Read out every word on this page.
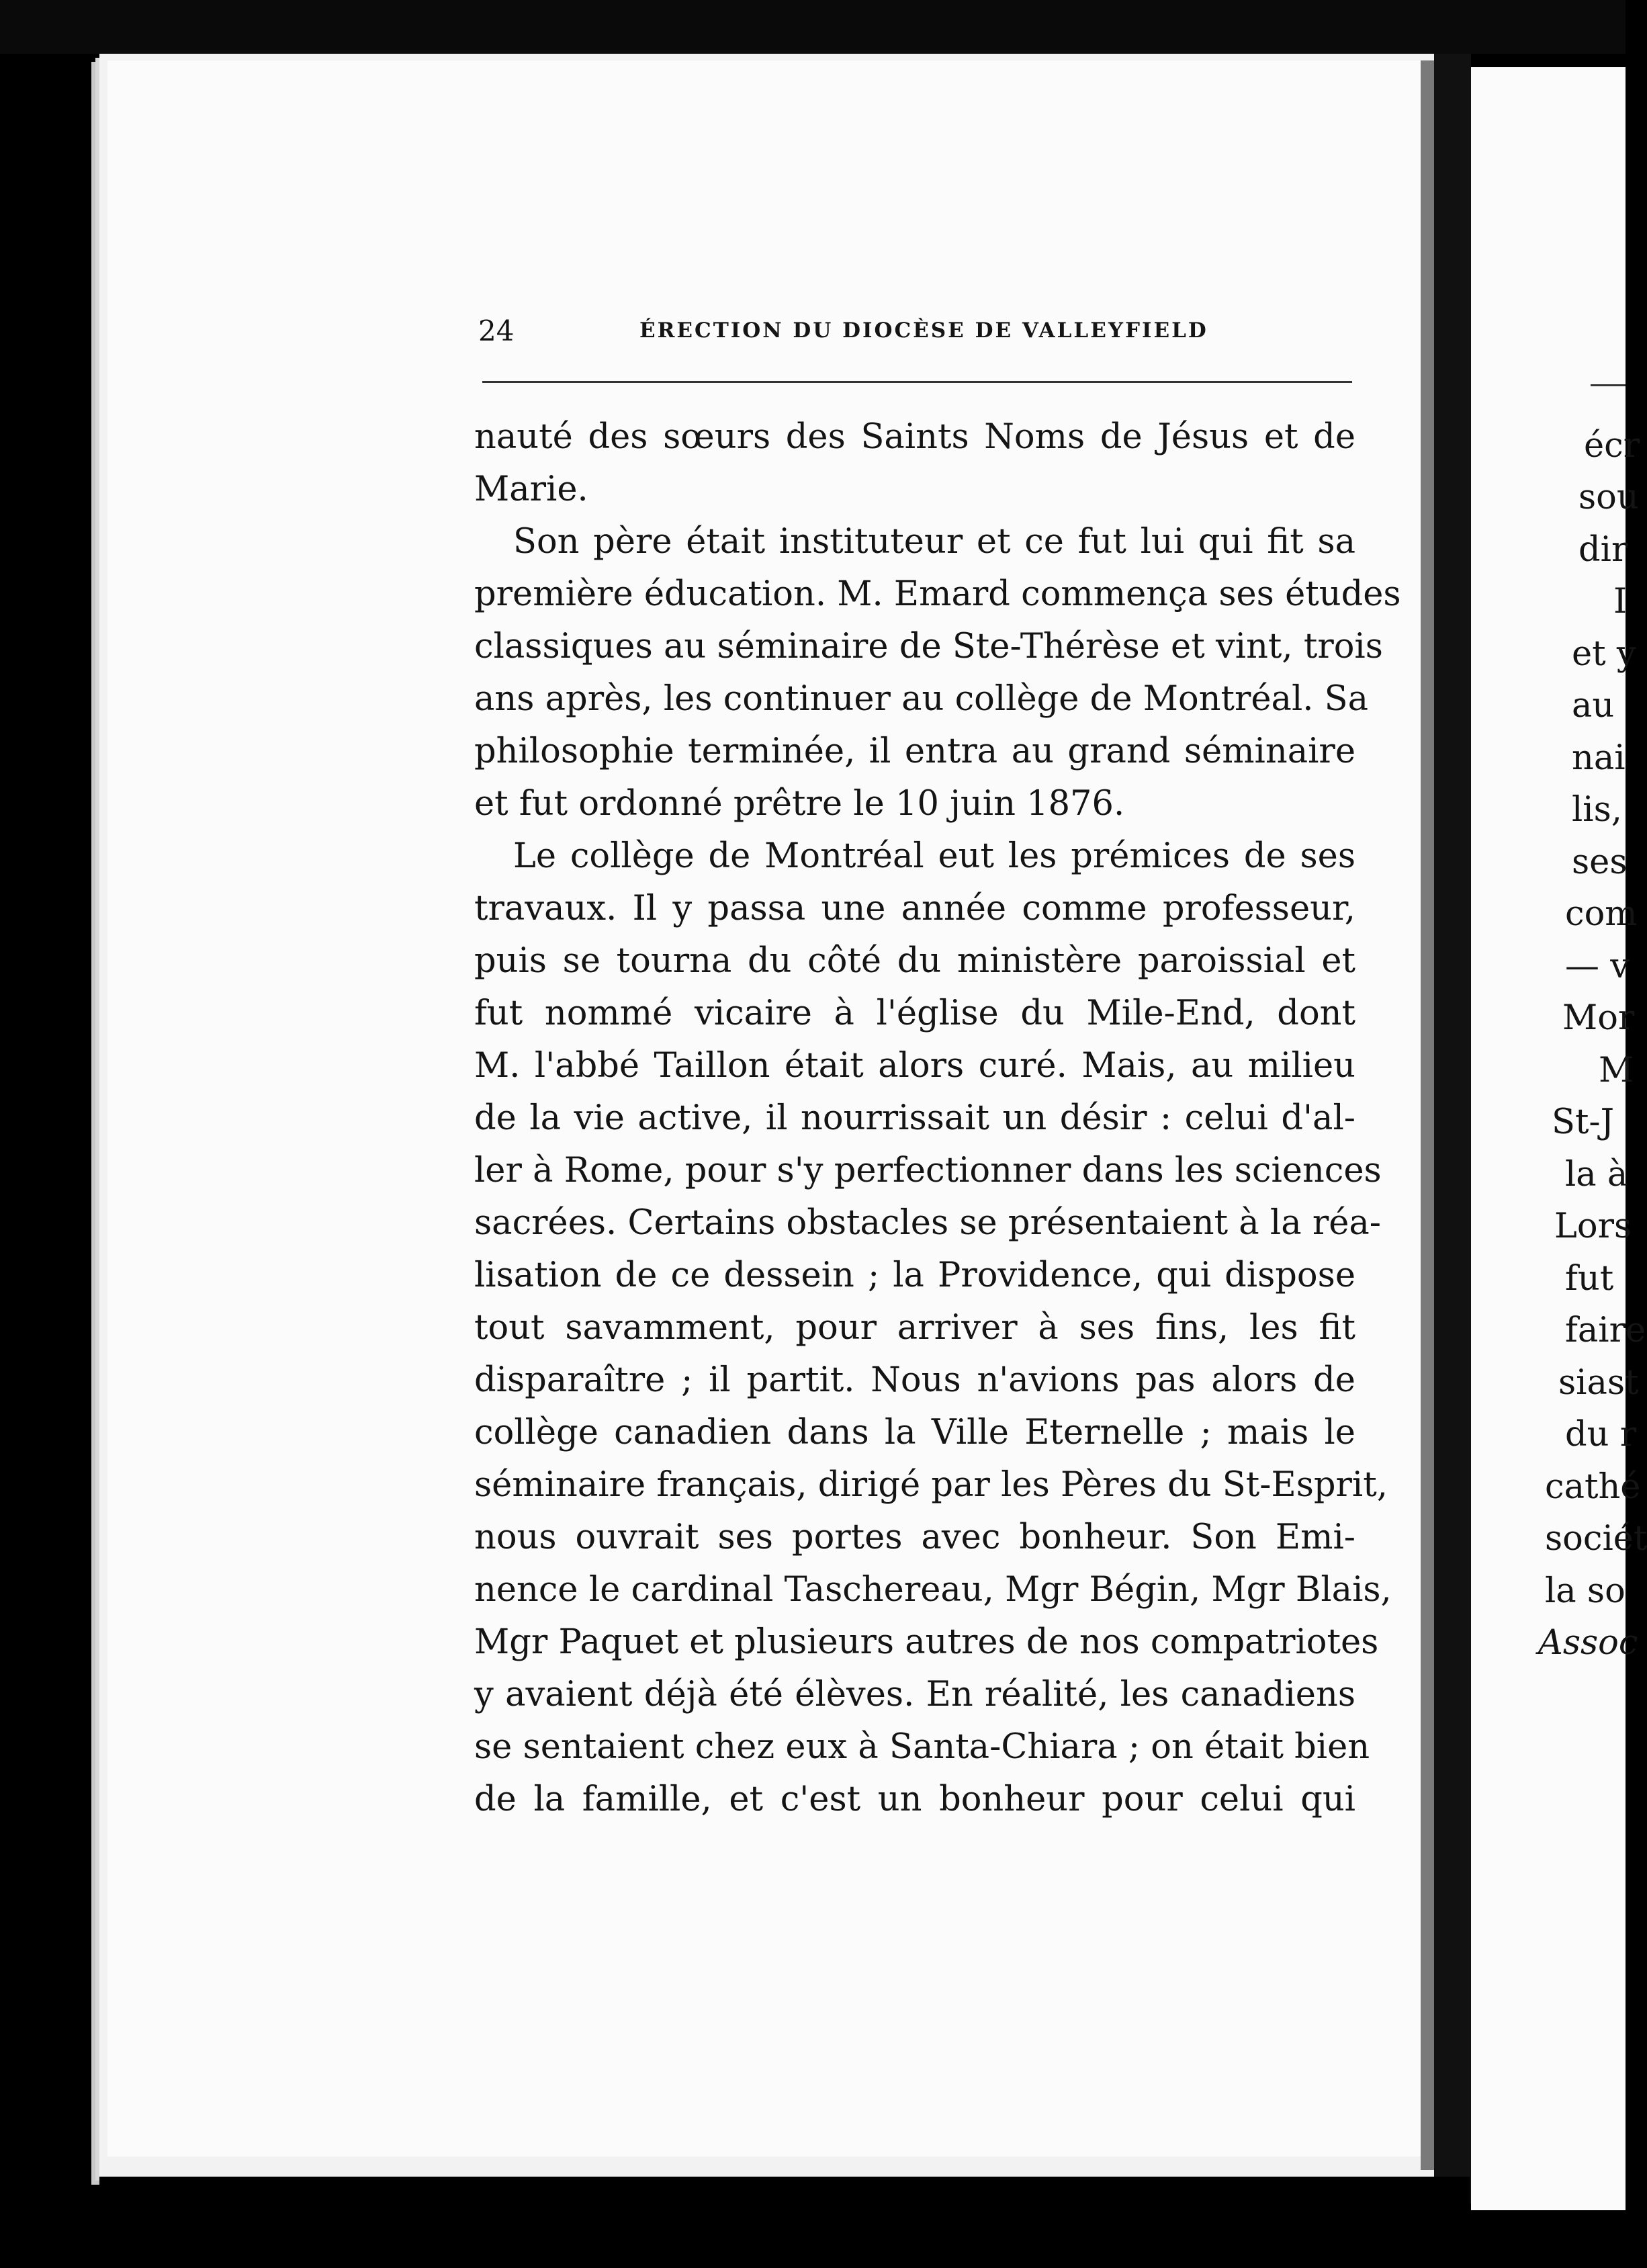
24	ÉRECTION DU DIOCÈSE DE VALLEYFIELD
nauté des sœurs des Saints Noms de Jésus et de
Marie.
Son père était instituteur et ce fut lui qui fit sa
première éducation. M. Emard commença ses études
classiques au séminaire de Ste-Thérèse et vint, trois
ans après, les continuer au collège de Montréal. Sa
philosophie terminée, il entra au grand séminaire
et fut ordonné prêtre le 10 juin 1876.
Le collège de Montréal eut les prémices de ses
travaux. Il y passa une année comme professeur,
puis se tourna du côté du ministère paroissial et
fut nommé vicaire à l'église du Mile-End, dont
M. l'abbé Taillon était alors curé. Mais, au milieu
de la vie active, il nourrissait un désir : celui d'al-
ler à Rome, pour s'y perfectionner dans les sciences
sacrées. Certains obstacles se présentaient à la réa-
lisation de ce dessein ; la Providence, qui dispose
tout savamment, pour arriver à ses fins, les fit
disparaître ; il partit. Nous n'avions pas alors de
collège canadien dans la Ville Eternelle ; mais le
séminaire français, dirigé par les Pères du St-Esprit,
nous ouvrait ses portes avec bonheur. Son Emi-
nence le cardinal Taschereau, Mgr Bégin, Mgr Blais,
Mgr Paquet et plusieurs autres de nos compatriotes
y avaient déjà été élèves. En réalité, les canadiens
se sentaient chez eux à Santa-Chiara ; on était bien
de la famille, et c'est un bonheur pour celui qui
écr
sou
dir
I
et y
au
nai
lis,
ses
com
— v
Mor
M
St-J
la à
Lors
fut
faire
siast
du r
cathé
sociét
la so
Assoc
